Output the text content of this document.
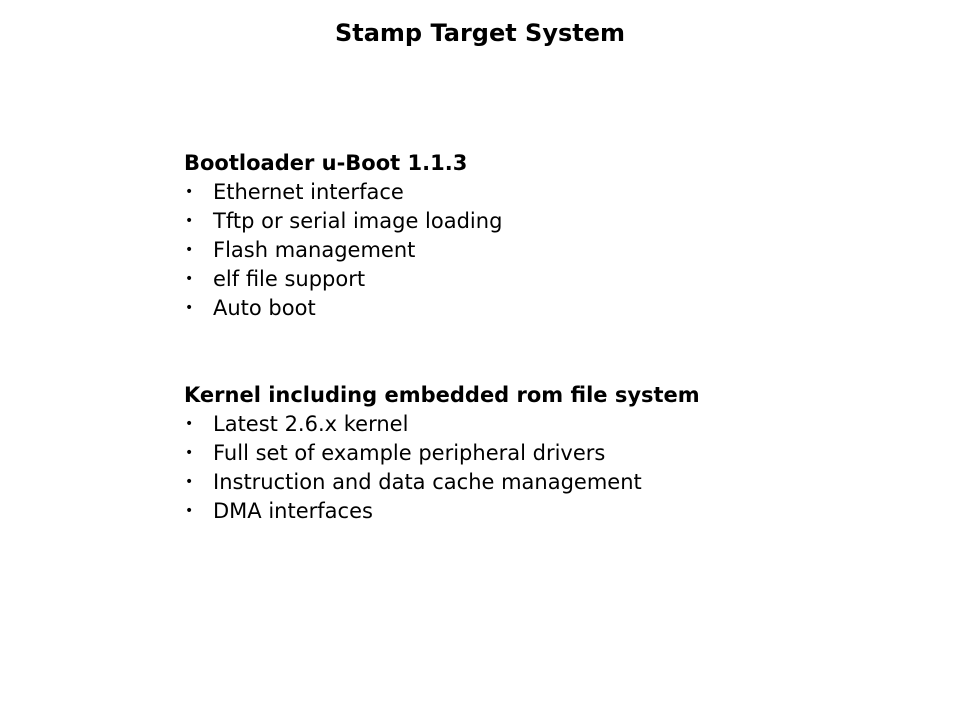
Stamp Target System
Bootloader u-Boot 1.1.3
• Ethernet interface
• Tftp or serial image loading
• Flash management
• elf file support
• Auto boot
Kernel including embedded rom file system
• Latest 2.6.x kernel
• Full set of example peripheral drivers
• Instruction and data cache management
• DMA interfaces
